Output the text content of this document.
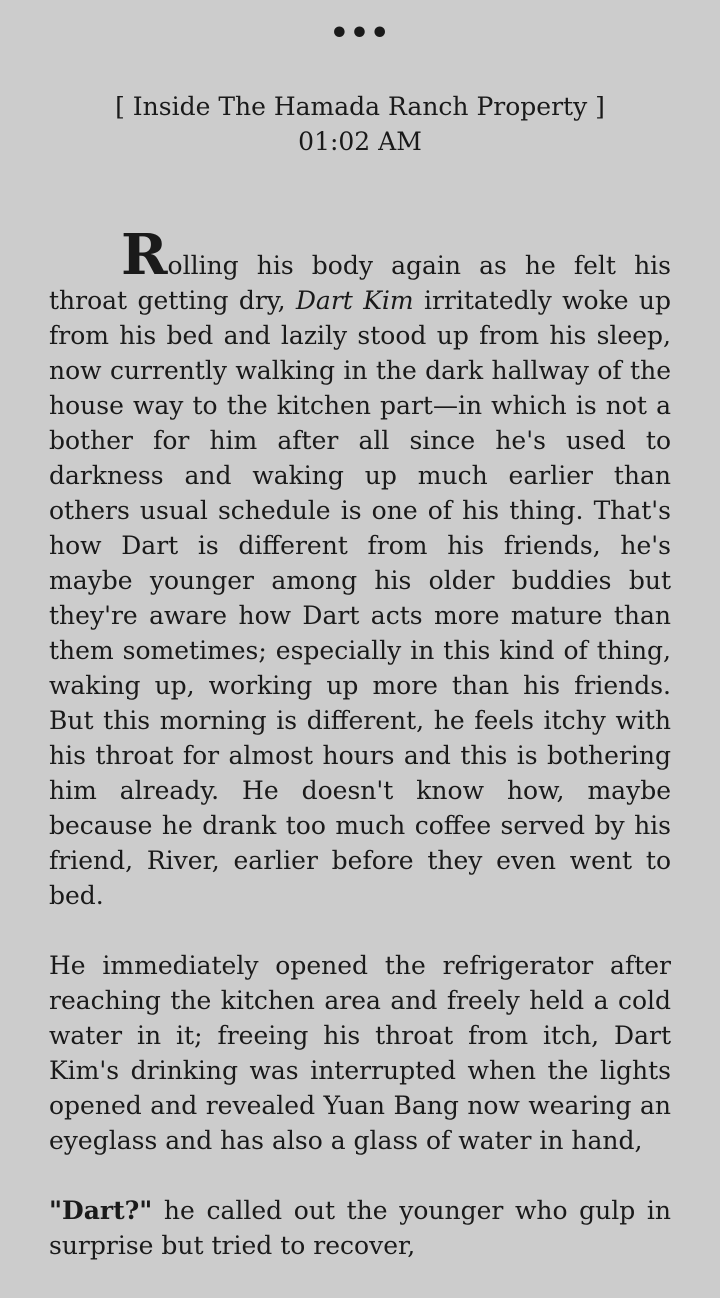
•••
[ Inside The Hamada Ranch Property ]
01:02 AM

Rolling his body again as he felt his throat getting dry, Dart Kim irritatedly woke up from his bed and lazily stood up from his sleep, now currently walking in the dark hallway of the house way to the kitchen part—in which is not a bother for him after all since he's used to darkness and waking up much earlier than others usual schedule is one of his thing. That's how Dart is different from his friends, he's maybe younger among his older buddies but they're aware how Dart acts more mature than them sometimes; especially in this kind of thing, waking up, working up more than his friends. But this morning is different, he feels itchy with his throat for almost hours and this is bothering him already. He doesn't know how, maybe because he drank too much coffee served by his friend, River, earlier before they even went to bed.

He immediately opened the refrigerator after reaching the kitchen area and freely held a cold water in it; freeing his throat from itch, Dart Kim's drinking was interrupted when the lights opened and revealed Yuan Bang now wearing an eyeglass and has also a glass of water in hand,

"Dart?" he called out the younger who gulp in surprise but tried to recover,
